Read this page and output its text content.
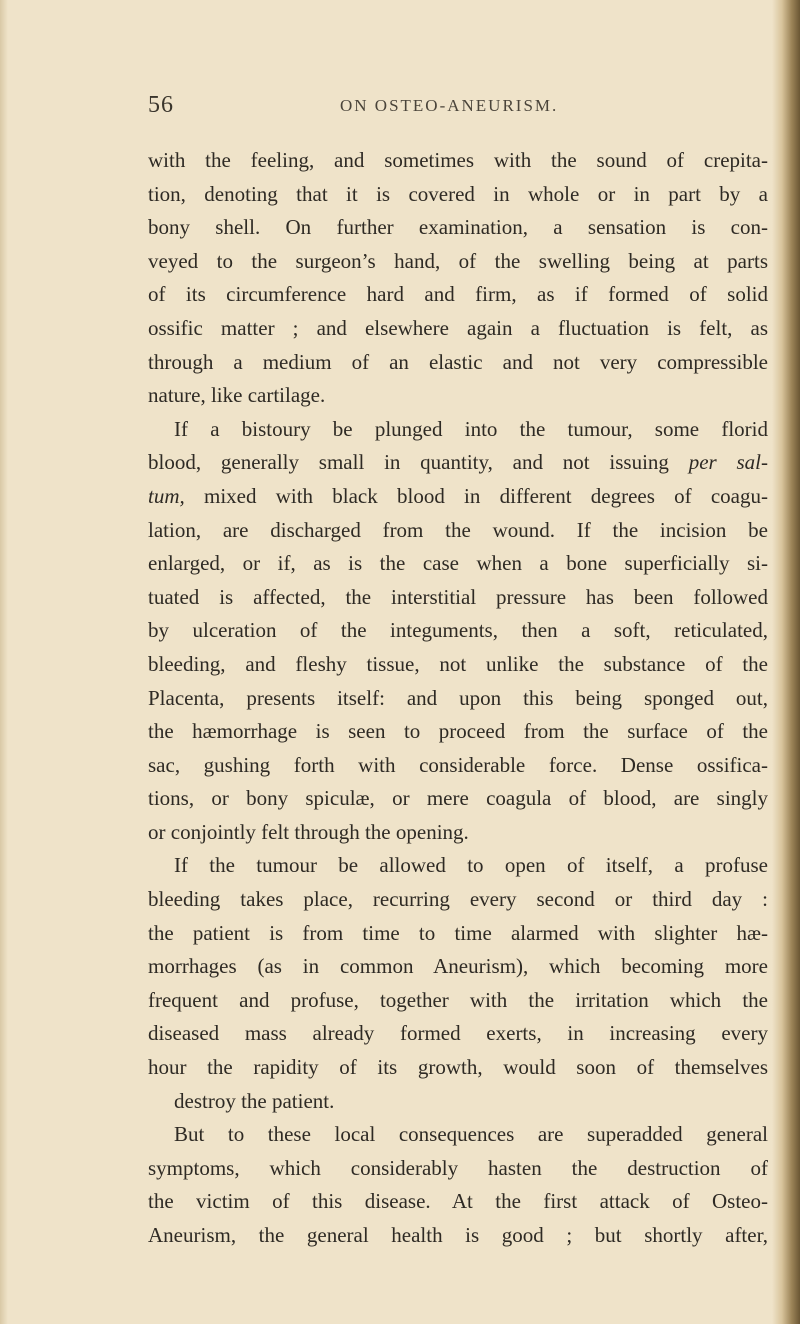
56	ON OSTEO-ANEURISM.
with the feeling, and sometimes with the sound of crepita-
tion, denoting that it is covered in whole or in part by a
bony shell. On further examination, a sensation is con-
veyed to the surgeon’s hand, of the swelling being at parts
of its circumference hard and firm, as if formed of solid
ossific matter ; and elsewhere again a fluctuation is felt, as
through a medium of an elastic and not very compressible
nature, like cartilage.
If a bistoury be plunged into the tumour, some florid
blood, generally small in quantity, and not issuing per sal-
tum, mixed with black blood in different degrees of coagu-
lation, are discharged from the wound. If the incision be
enlarged, or if, as is the case when a bone superficially si-
tuated is affected, the interstitial pressure has been followed
by ulceration of the integuments, then a soft, reticulated,
bleeding, and fleshy tissue, not unlike the substance of the
Placenta, presents itself: and upon this being sponged out,
the hæmorrhage is seen to proceed from the surface of the
sac, gushing forth with considerable force. Dense ossifica-
tions, or bony spiculæ, or mere coagula of blood, are singly
or conjointly felt through the opening.
If the tumour be allowed to open of itself, a profuse
bleeding takes place, recurring every second or third day :
the patient is from time to time alarmed with slighter hæ-
morrhages (as in common Aneurism), which becoming more
frequent and profuse, together with the irritation which the
diseased mass already formed exerts, in increasing every
hour the rapidity of its growth, would soon of themselves
destroy the patient.
But to these local consequences are superadded general
symptoms, which considerably hasten the destruction of
the victim of this disease. At the first attack of Osteo-
Aneurism, the general health is good ; but shortly after,
